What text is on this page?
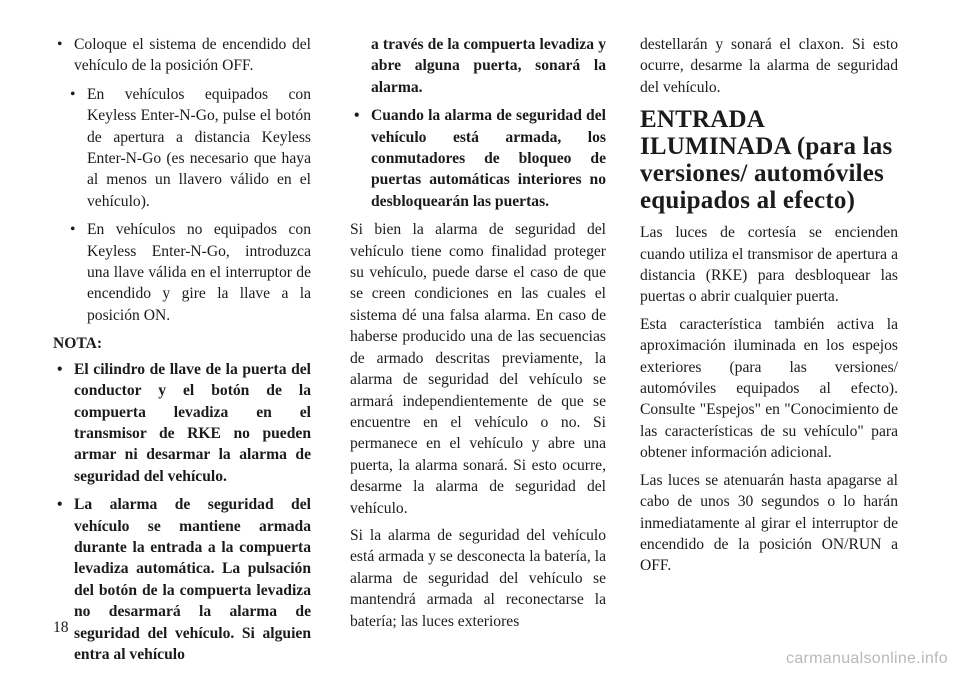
• Coloque el sistema de encendido del vehículo de la posición OFF.
• En vehículos equipados con Keyless Enter-N-Go, pulse el botón de apertura a distancia Keyless Enter-N-Go (es necesario que haya al menos un llavero válido en el vehículo).
• En vehículos no equipados con Keyless Enter-N-Go, introduzca una llave válida en el interruptor de encendido y gire la llave a la posición ON.
NOTA:
• El cilindro de llave de la puerta del conductor y el botón de la compuerta levadiza en el transmisor de RKE no pueden armar ni desarmar la alarma de seguridad del vehículo.
• La alarma de seguridad del vehículo se mantiene armada durante la entrada a la compuerta levadiza automática. La pulsación del botón de la compuerta levadiza no desarmará la alarma de seguridad del vehículo. Si alguien entra al vehículo
a través de la compuerta levadiza y abre alguna puerta, sonará la alarma.
• Cuando la alarma de seguridad del vehículo está armada, los conmutadores de bloqueo de puertas automáticas interiores no desbloquearán las puertas.

Si bien la alarma de seguridad del vehículo tiene como finalidad proteger su vehículo, puede darse el caso de que se creen condiciones en las cuales el sistema dé una falsa alarma. En caso de haberse producido una de las secuencias de armado descritas previamente, la alarma de seguridad del vehículo se armará independientemente de que se encuentre en el vehículo o no. Si permanece en el vehículo y abre una puerta, la alarma sonará. Si esto ocurre, desarme la alarma de seguridad del vehículo.

Si la alarma de seguridad del vehículo está armada y se desconecta la batería, la alarma de seguridad del vehículo se mantendrá armada al reconectarse la batería; las luces exteriores

destellarán y sonará el claxon. Si esto ocurre, desarme la alarma de seguridad del vehículo.

ENTRADA ILUMINADA (para las versiones/ automóviles equipados al efecto)

Las luces de cortesía se encienden cuando utiliza el transmisor de apertura a distancia (RKE) para desbloquear las puertas o abrir cualquier puerta.

Esta característica también activa la aproximación iluminada en los espejos exteriores (para las versiones/ automóviles equipados al efecto). Consulte "Espejos" en "Conocimiento de las características de su vehículo" para obtener información adicional.

Las luces se atenuarán hasta apagarse al cabo de unos 30 segundos o lo harán inmediatamente al girar el interruptor de encendido de la posición ON/RUN a OFF.

18
carmanualsonline.info
